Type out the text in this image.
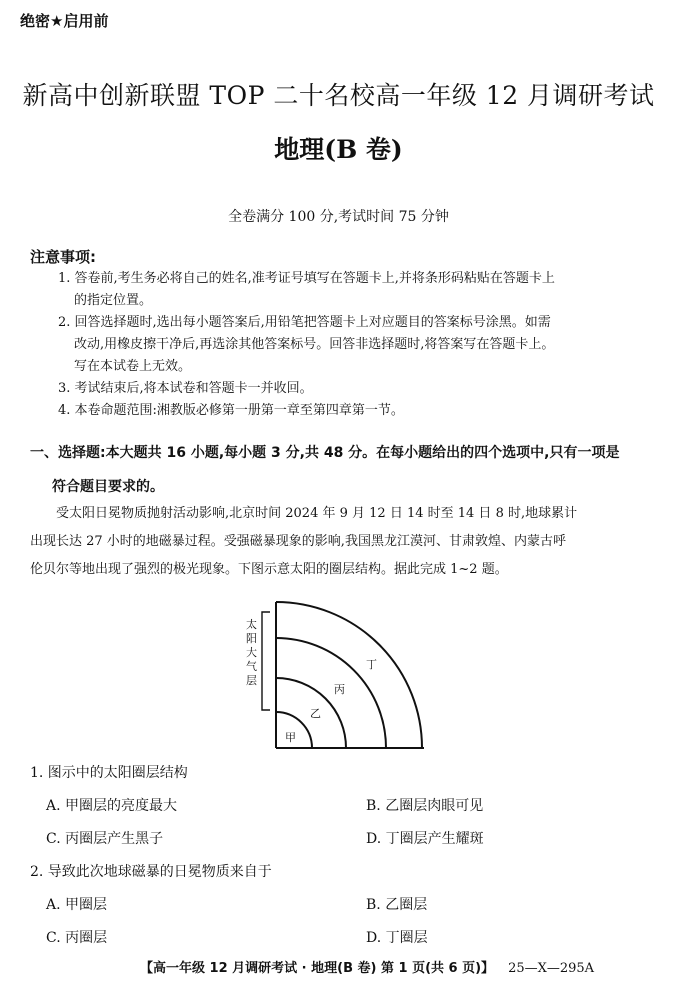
绝密★启用前
新高中创新联盟 TOP 二十名校高一年级 12 月调研考试
地理(B 卷)
全卷满分 100 分,考试时间 75 分钟
注意事项:
1. 答卷前,考生务必将自己的姓名,准考证号填写在答题卡上,并将条形码粘贴在答题卡上
的指定位置。
2. 回答选择题时,选出每小题答案后,用铅笔把答题卡上对应题目的答案标号涂黑。如需
改动,用橡皮擦干净后,再选涂其他答案标号。回答非选择题时,将答案写在答题卡上。
写在本试卷上无效。
3. 考试结束后,将本试卷和答题卡一并收回。
4. 本卷命题范围:湘教版必修第一册第一章至第四章第一节。
一、选择题:本大题共 16 小题,每小题 3 分,共 48 分。在每小题给出的四个选项中,只有一项是
符合题目要求的。
受太阳日冕物质抛射活动影响,北京时间 2024 年 9 月 12 日 14 时至 14 日 8 时,地球累计
出现长达 27 小时的地磁暴过程。受强磁暴现象的影响,我国黑龙江漠河、甘肃敦煌、内蒙古呼
伦贝尔等地出现了强烈的极光现象。下图示意太阳的圈层结构。据此完成 1~2 题。
太
阳
大
气
层
甲
乙
丙
丁
1. 图示中的太阳圈层结构
A. 甲圈层的亮度最大	B. 乙圈层肉眼可见
C. 丙圈层产生黑子	D. 丁圈层产生耀斑
2. 导致此次地球磁暴的日冕物质来自于
A. 甲圈层	B. 乙圈层
C. 丙圈层	D. 丁圈层
【高一年级 12 月调研考试 · 地理(B 卷) 第 1 页(共 6 页)】 25—X—295A
